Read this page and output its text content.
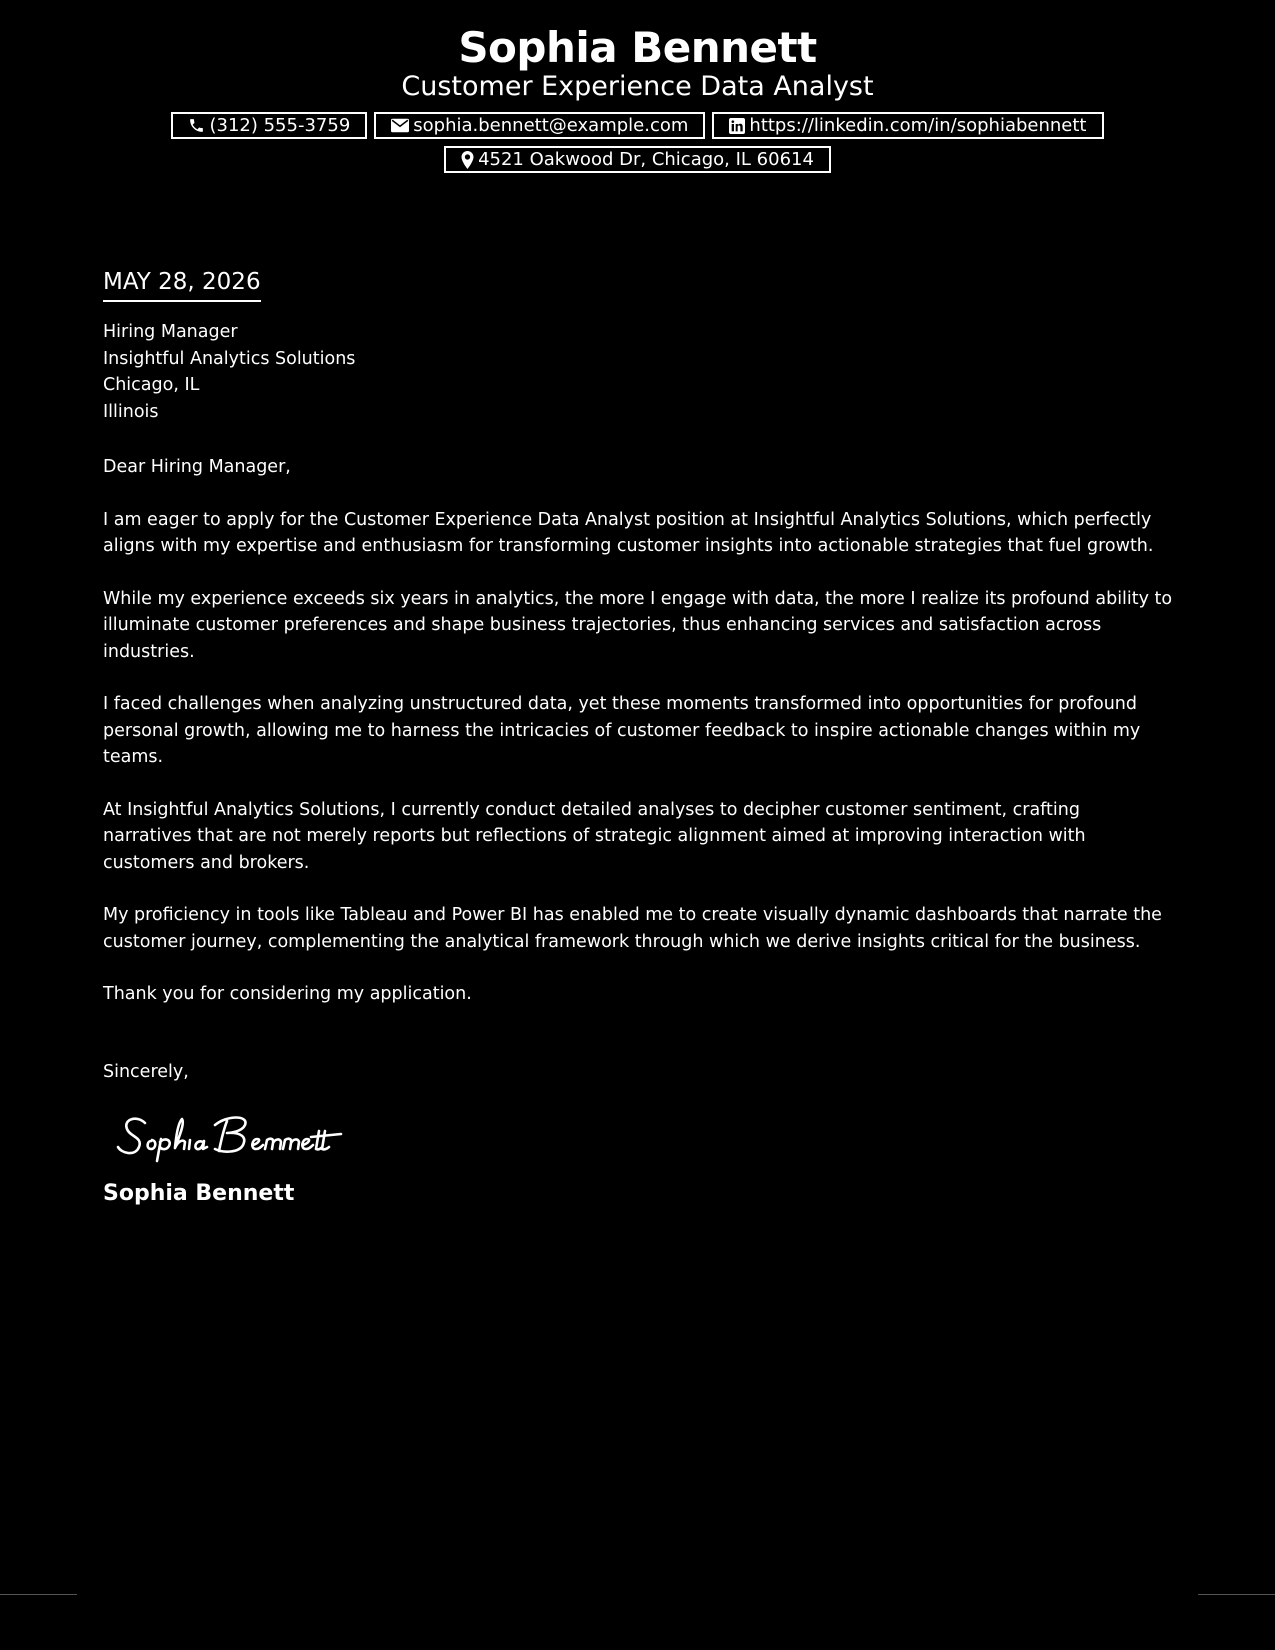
Sophia Bennett
Customer Experience Data Analyst
(312) 555-3759	sophia.bennett@example.com	https://linkedin.com/in/sophiabennett
4521 Oakwood Dr, Chicago, IL 60614
MAY 28, 2026
Hiring Manager
Insightful Analytics Solutions
Chicago, IL
Illinois
Dear Hiring Manager,
I am eager to apply for the Customer Experience Data Analyst position at Insightful Analytics Solutions, which perfectly aligns with my expertise and enthusiasm for transforming customer insights into actionable strategies that fuel growth.
While my experience exceeds six years in analytics, the more I engage with data, the more I realize its profound ability to illuminate customer preferences and shape business trajectories, thus enhancing services and satisfaction across industries.
I faced challenges when analyzing unstructured data, yet these moments transformed into opportunities for profound personal growth, allowing me to harness the intricacies of customer feedback to inspire actionable changes within my teams.
At Insightful Analytics Solutions, I currently conduct detailed analyses to decipher customer sentiment, crafting narratives that are not merely reports but reflections of strategic alignment aimed at improving interaction with customers and brokers.
My proficiency in tools like Tableau and Power BI has enabled me to create visually dynamic dashboards that narrate the customer journey, complementing the analytical framework through which we derive insights critical for the business.
Thank you for considering my application.
Sincerely,
Sophia Bennett
